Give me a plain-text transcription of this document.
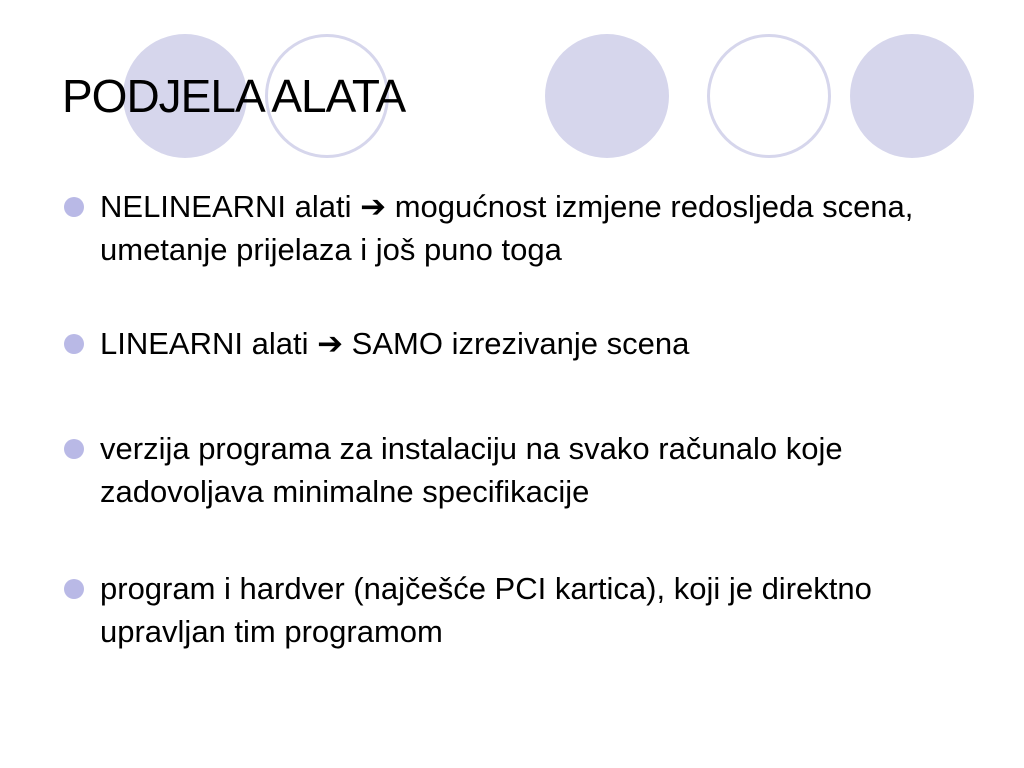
PODJELA ALATA
NELINEARNI alati ➔ mogućnost izmjene redosljeda scena, umetanje prijelaza i još puno toga
LINEARNI alati ➔ SAMO izrezivanje scena
verzija programa za instalaciju na svako računalo koje zadovoljava minimalne specifikacije
program i hardver (najčešće PCI kartica), koji je direktno upravljan tim programom
